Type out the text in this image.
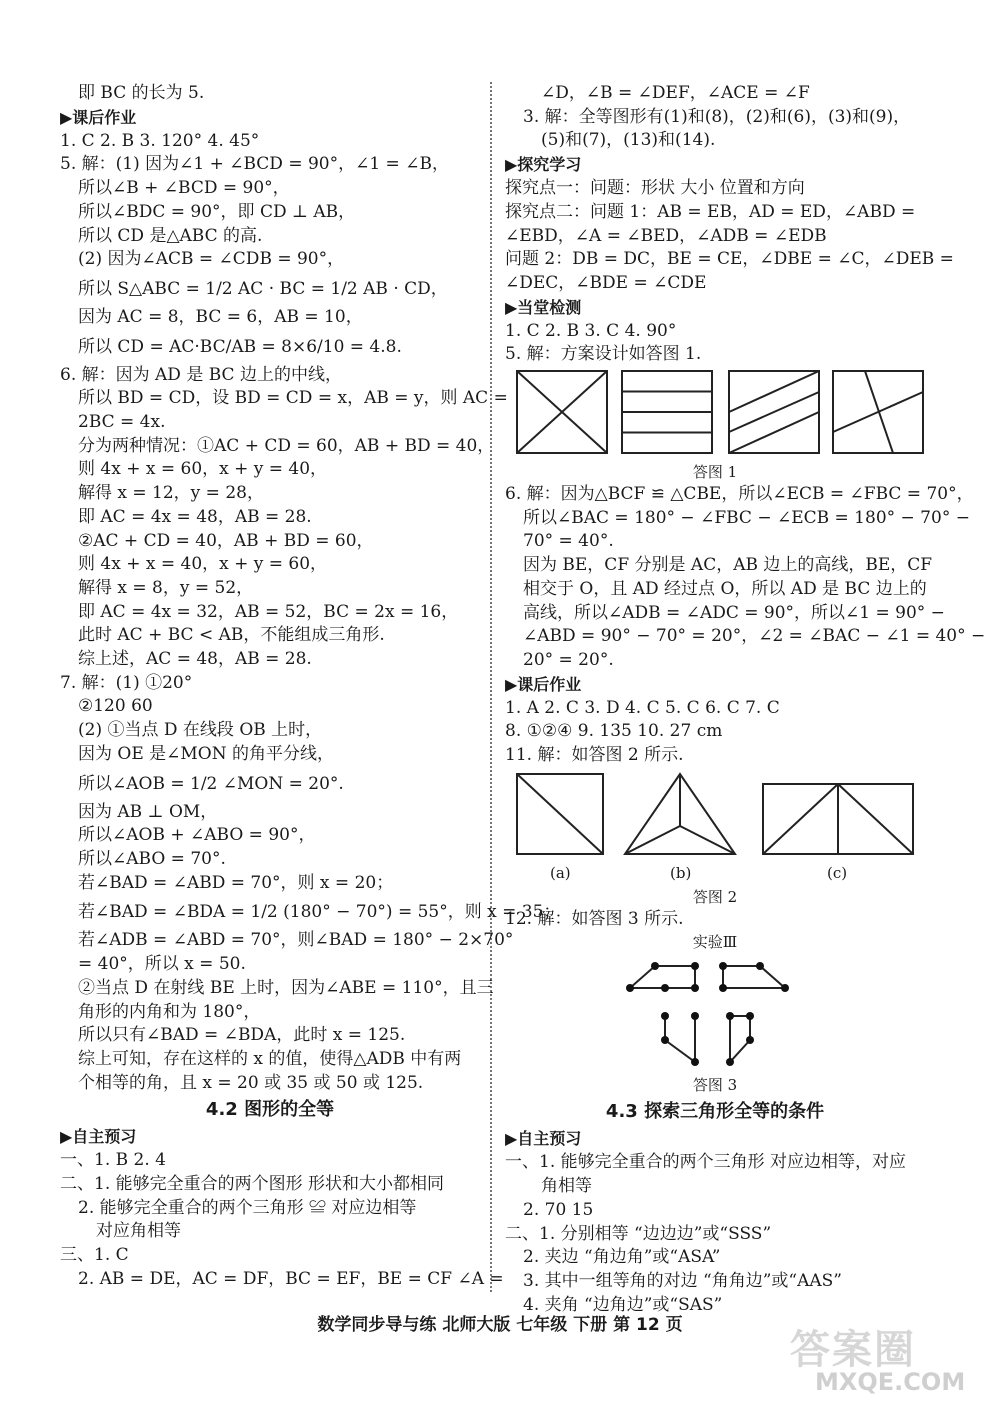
即 BC 的长为 5.
▶课后作业
1. C 2. B 3. 120° 4. 45°
5. 解：(1) 因为∠1 + ∠BCD = 90°，∠1 = ∠B，
所以∠B + ∠BCD = 90°，
所以∠BDC = 90°，即 CD ⊥ AB，
所以 CD 是△ABC 的高.
(2) 因为∠ACB = ∠CDB = 90°，
所以 S△ABC = 1/2 AC · BC = 1/2 AB · CD，
因为 AC = 8，BC = 6，AB = 10，
所以 CD = AC·BC/AB = 8×6/10 = 4.8.
6. 解：因为 AD 是 BC 边上的中线，
所以 BD = CD，设 BD = CD = x，AB = y，则 AC =
2BC = 4x.
分为两种情况：①AC + CD = 60，AB + BD = 40，
则 4x + x = 60，x + y = 40，
解得 x = 12，y = 28，
即 AC = 4x = 48，AB = 28.
②AC + CD = 40，AB + BD = 60，
则 4x + x = 40，x + y = 60，
解得 x = 8，y = 52，
即 AC = 4x = 32，AB = 52，BC = 2x = 16，
此时 AC + BC < AB，不能组成三角形.
综上述，AC = 48，AB = 28.
7. 解：(1) ①20°
②120 60
(2) ①当点 D 在线段 OB 上时，
因为 OE 是∠MON 的角平分线，
所以∠AOB = 1/2 ∠MON = 20°.
因为 AB ⊥ OM，
所以∠AOB + ∠ABO = 90°，
所以∠ABO = 70°.
若∠BAD = ∠ABD = 70°，则 x = 20；
若∠BAD = ∠BDA = 1/2 (180° − 70°) = 55°，则 x = 35；
若∠ADB = ∠ABD = 70°，则∠BAD = 180° − 2×70°
= 40°，所以 x = 50.
②当点 D 在射线 BE 上时，因为∠ABE = 110°，且三
角形的内角和为 180°，
所以只有∠BAD = ∠BDA，此时 x = 125.
综上可知，存在这样的 x 的值，使得△ADB 中有两
个相等的角，且 x = 20 或 35 或 50 或 125.
4.2 图形的全等
▶自主预习
一、1. B 2. 4
二、1. 能够完全重合的两个图形 形状和大小都相同
2. 能够完全重合的两个三角形 ≌ 对应边相等
对应角相等
三、1. C
2. AB = DE，AC = DF，BC = EF，BE = CF ∠A =
∠D，∠B = ∠DEF，∠ACE = ∠F
3. 解：全等图形有(1)和(8)，(2)和(6)，(3)和(9)，
(5)和(7)，(13)和(14).
▶探究学习
探究点一：问题：形状 大小 位置和方向
探究点二：问题 1：AB = EB，AD = ED，∠ABD =
∠EBD，∠A = ∠BED，∠ADB = ∠EDB
问题 2：DB = DC，BE = CE，∠DBE = ∠C，∠DEB =
∠DEC，∠BDE = ∠CDE
▶当堂检测
1. C 2. B 3. C 4. 90°
5. 解：方案设计如答图 1.
答图 1
6. 解：因为△BCF ≌ △CBE，所以∠ECB = ∠FBC = 70°，
所以∠BAC = 180° − ∠FBC − ∠ECB = 180° − 70° −
70° = 40°.
因为 BE，CF 分别是 AC，AB 边上的高线，BE，CF
相交于 O，且 AD 经过点 O，所以 AD 是 BC 边上的
高线，所以∠ADB = ∠ADC = 90°，所以∠1 = 90° −
∠ABD = 90° − 70° = 20°，∠2 = ∠BAC − ∠1 = 40° −
20° = 20°.
▶课后作业
1. A 2. C 3. D 4. C 5. C 6. C 7. C
8. ①②④ 9. 135 10. 27 cm
11. 解：如答图 2 所示.
(a)	(b)	(c)
答图 2
12. 解：如答图 3 所示.
实验Ⅲ
答图 3
4.3 探索三角形全等的条件
▶自主预习
一、1. 能够完全重合的两个三角形 对应边相等，对应
角相等
2. 70 15
二、1. 分别相等 “边边边”或“SSS”
2. 夹边 “角边角”或“ASA”
3. 其中一组等角的对边 “角角边”或“AAS”
4. 夹角 “边角边”或“SAS”
数学同步导与练 北师大版 七年级 下册 第 12 页
答案圈
MXQE.COM
